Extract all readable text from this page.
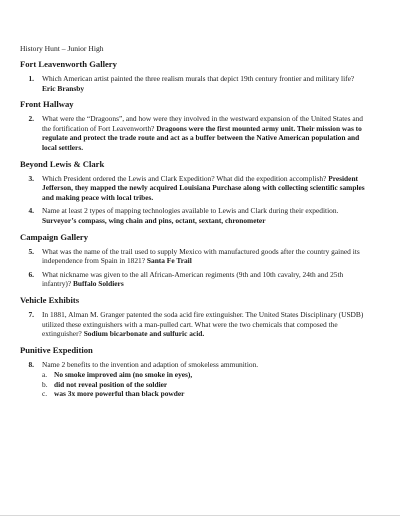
History Hunt – Junior High
Fort Leavenworth Gallery
1.	Which American artist painted the three realism murals that depict 19th century frontier and military life? Eric Bransby
Front Hallway
2.	What were the “Dragoons”, and how were they involved in the westward expansion of the United States and the fortification of Fort Leavenworth? Dragoons were the first mounted army unit. Their mission was to regulate and protect the trade route and act as a buffer between the Native American population and local settlers.
Beyond Lewis & Clark
3.	Which President ordered the Lewis and Clark Expedition? What did the expedition accomplish? President Jefferson, they mapped the newly acquired Louisiana Purchase along with collecting scientific samples and making peace with local tribes.
4.	Name at least 2 types of mapping technologies available to Lewis and Clark during their expedition. Surveyor’s compass, wing chain and pins, octant, sextant, chronometer
Campaign Gallery
5.	What was the name of the trail used to supply Mexico with manufactured goods after the country gained its independence from Spain in 1821? Santa Fe Trail
6.	What nickname was given to the all African-American regiments (9th and 10th cavalry, 24th and 25th infantry)? Buffalo Soldiers
Vehicle Exhibits
7.	In 1881, Alman M. Granger patented the soda acid fire extinguisher. The United States Disciplinary (USDB) utilized these extinguishers with a man-pulled cart. What were the two chemicals that composed the extinguisher? Sodium bicarbonate and sulfuric acid.
Punitive Expedition
8.	Name 2 benefits to the invention and adaption of smokeless ammunition.
a. No smoke improved aim (no smoke in eyes),
b. did not reveal position of the soldier
c. was 3x more powerful than black powder
